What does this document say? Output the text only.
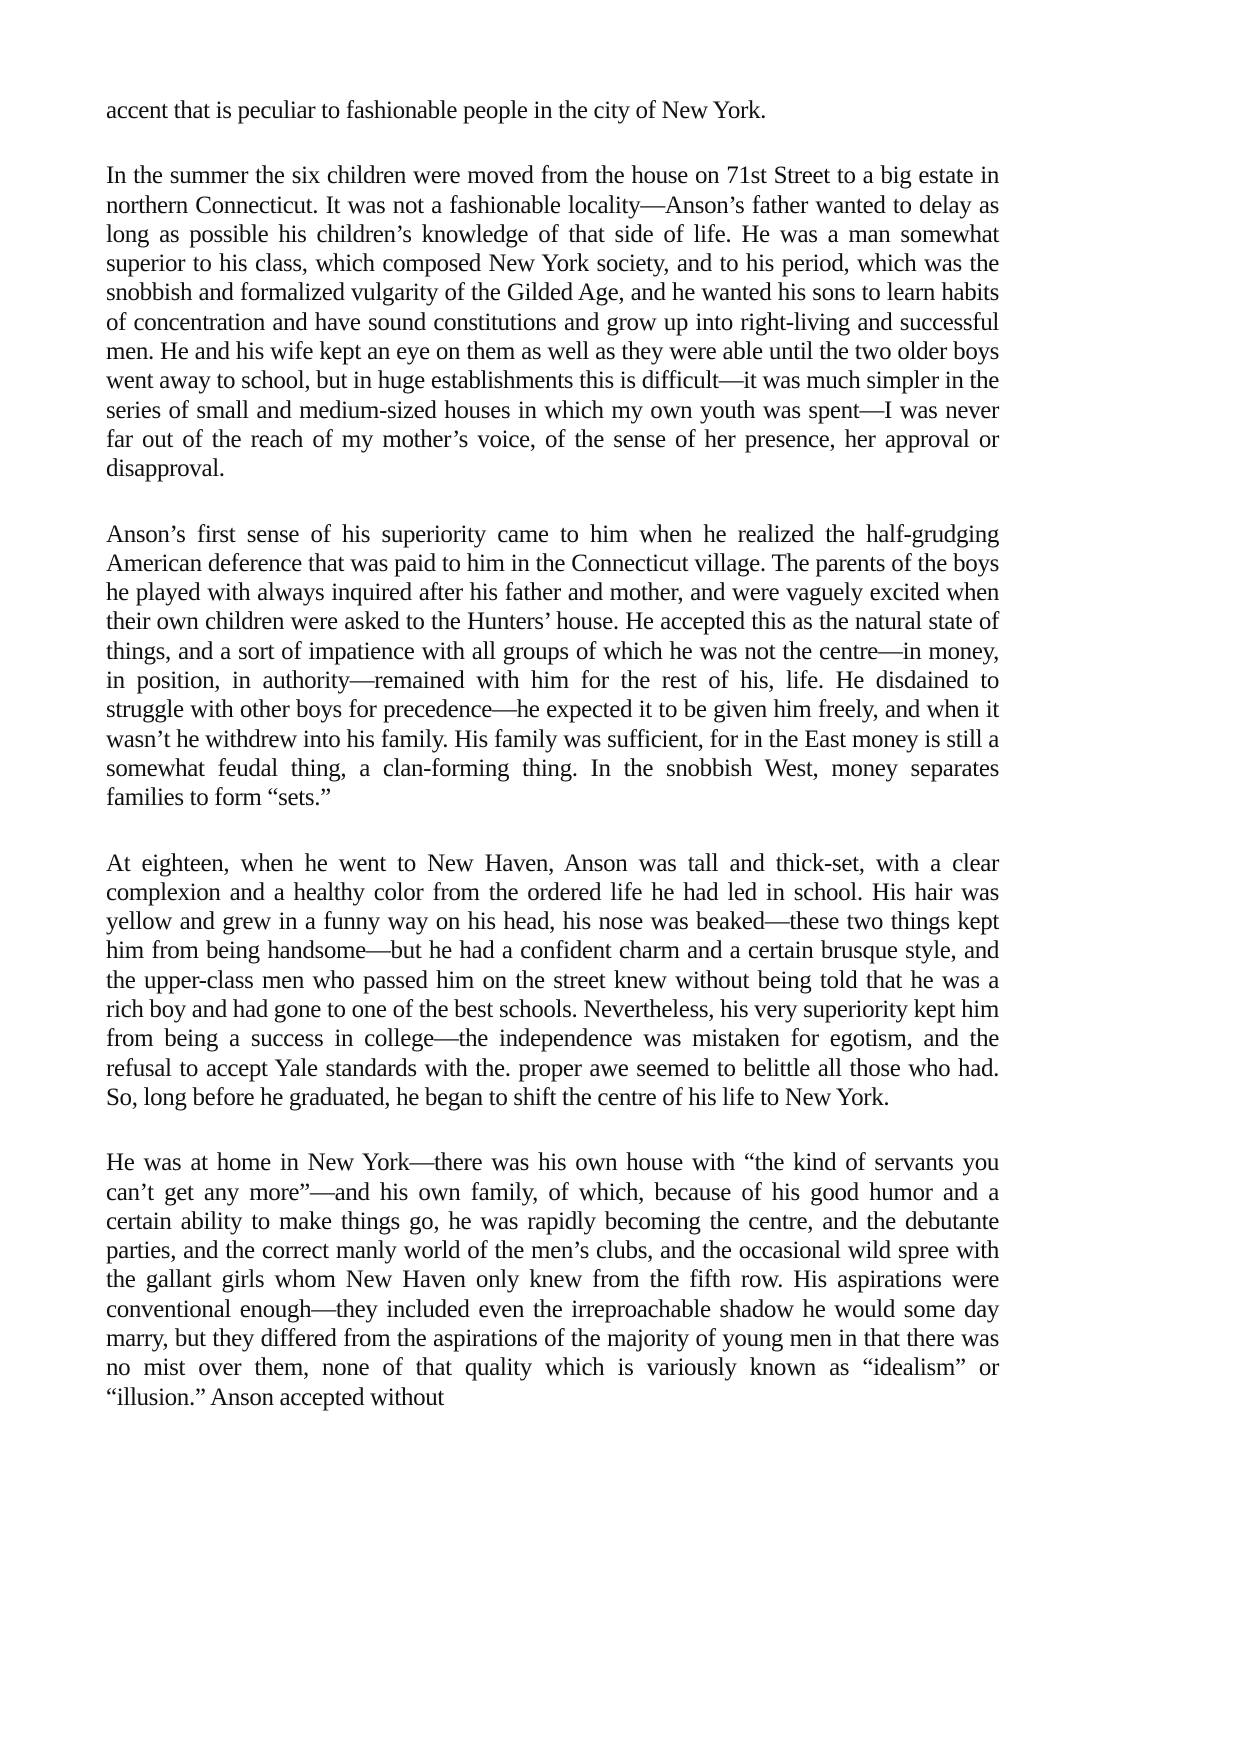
accent that is peculiar to fashionable people in the city of New York.

In the summer the six children were moved from the house on 71st Street to a big estate in northern Connecticut. It was not a fashionable locality—Anson’s father wanted to delay as long as possible his children’s knowledge of that side of life. He was a man somewhat superior to his class, which composed New York society, and to his period, which was the snobbish and formalized vulgarity of the Gilded Age, and he wanted his sons to learn habits of concentration and have sound constitutions and grow up into right-living and successful men. He and his wife kept an eye on them as well as they were able until the two older boys went away to school, but in huge establishments this is difficult—it was much simpler in the series of small and medium-sized houses in which my own youth was spent—I was never far out of the reach of my mother’s voice, of the sense of her presence, her approval or disapproval.

Anson’s first sense of his superiority came to him when he realized the half-grudging American deference that was paid to him in the Connecticut village. The parents of the boys he played with always inquired after his father and mother, and were vaguely excited when their own children were asked to the Hunters’ house. He accepted this as the natural state of things, and a sort of impatience with all groups of which he was not the centre—in money, in position, in authority—remained with him for the rest of his, life. He disdained to struggle with other boys for precedence—he expected it to be given him freely, and when it wasn’t he withdrew into his family. His family was sufficient, for in the East money is still a somewhat feudal thing, a clan-forming thing. In the snobbish West, money separates families to form “sets.”

At eighteen, when he went to New Haven, Anson was tall and thick-set, with a clear complexion and a healthy color from the ordered life he had led in school. His hair was yellow and grew in a funny way on his head, his nose was beaked—these two things kept him from being handsome—but he had a confident charm and a certain brusque style, and the upper-class men who passed him on the street knew without being told that he was a rich boy and had gone to one of the best schools. Nevertheless, his very superiority kept him from being a success in college—the independence was mistaken for egotism, and the refusal to accept Yale standards with the. proper awe seemed to belittle all those who had. So, long before he graduated, he began to shift the centre of his life to New York.

He was at home in New York—there was his own house with “the kind of servants you can’t get any more”—and his own family, of which, because of his good humor and a certain ability to make things go, he was rapidly becoming the centre, and the debutante parties, and the correct manly world of the men’s clubs, and the occasional wild spree with the gallant girls whom New Haven only knew from the fifth row. His aspirations were conventional enough—they included even the irreproachable shadow he would some day marry, but they differed from the aspirations of the majority of young men in that there was no mist over them, none of that quality which is variously known as “idealism” or “illusion.” Anson accepted without
